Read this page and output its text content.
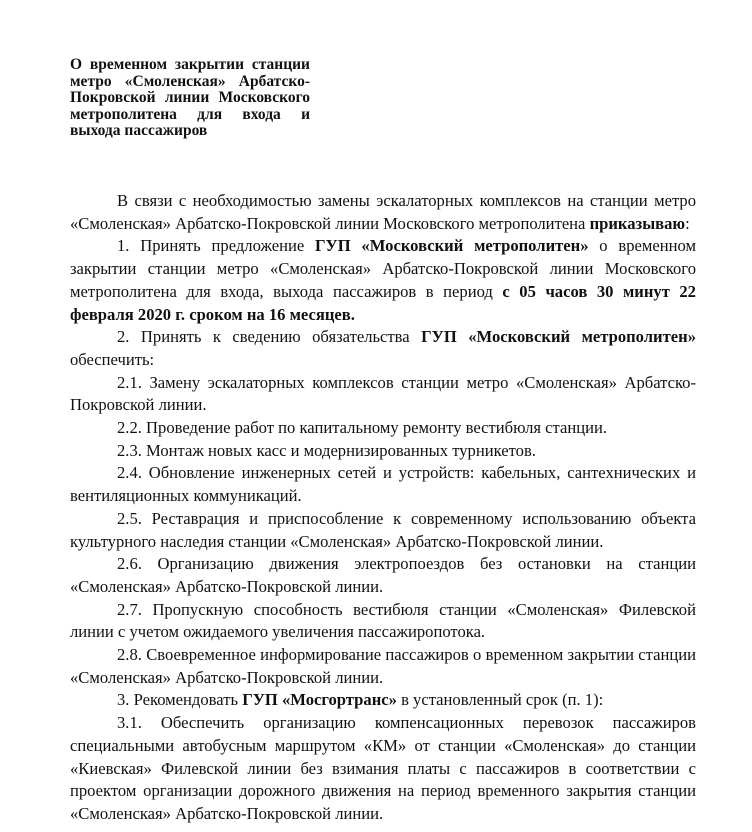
О временном закрытии станции метро «Смоленская» Арбатско-Покровской линии Московского метрополитена для входа и выхода пассажиров

В связи с необходимостью замены эскалаторных комплексов на станции метро «Смоленская» Арбатско-Покровской линии Московского метрополитена приказываю:

1. Принять предложение ГУП «Московский метрополитен» о временном закрытии станции метро «Смоленская» Арбатско-Покровской линии Московского метрополитена для входа, выхода пассажиров в период с 05 часов 30 минут 22 февраля 2020 г. сроком на 16 месяцев.

2. Принять к сведению обязательства ГУП «Московский метрополитен» обеспечить:

2.1. Замену эскалаторных комплексов станции метро «Смоленская» Арбатско-Покровской линии.

2.2. Проведение работ по капитальному ремонту вестибюля станции.

2.3. Монтаж новых касс и модернизированных турникетов.

2.4. Обновление инженерных сетей и устройств: кабельных, сантехнических и вентиляционных коммуникаций.

2.5. Реставрация и приспособление к современному использованию объекта культурного наследия станции «Смоленская» Арбатско-Покровской линии.

2.6. Организацию движения электропоездов без остановки на станции «Смоленская» Арбатско-Покровской линии.

2.7. Пропускную способность вестибюля станции «Смоленская» Филевской линии с учетом ожидаемого увеличения пассажиропотока.

2.8. Своевременное информирование пассажиров о временном закрытии станции «Смоленская» Арбатско-Покровской линии.

3. Рекомендовать ГУП «Мосгортранс» в установленный срок (п. 1):

3.1. Обеспечить организацию компенсационных перевозок пассажиров специальными автобусным маршрутом «КМ» от станции «Смоленская» до станции «Киевская» Филевской линии без взимания платы с пассажиров в соответствии с проектом организации дорожного движения на период временного закрытия станции «Смоленская» Арбатско-Покровской линии.
